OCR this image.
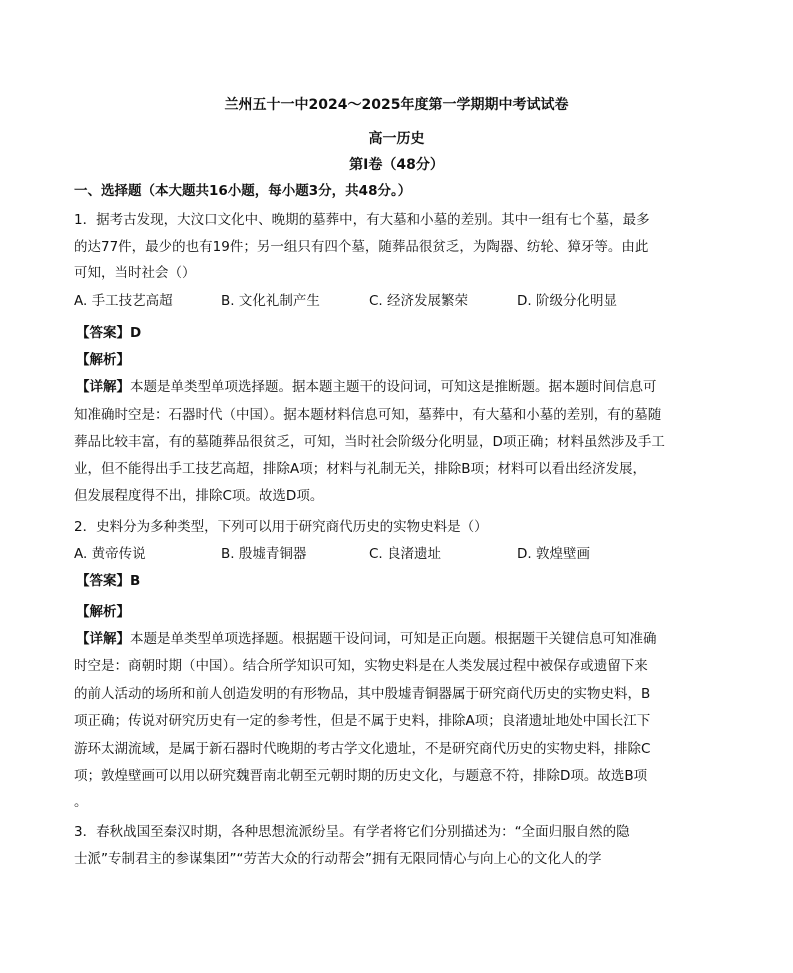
兰州五十一中2024～2025年度第一学期期中考试试卷
高一历史
第Ⅰ卷（48分）
一、选择题（本大题共16小题，每小题3分，共48分。）
1．据考古发现，大汶口文化中、晚期的墓葬中，有大墓和小墓的差别。其中一组有七个墓，最多
的达77件，最少的也有19件；另一组只有四个墓，随葬品很贫乏，为陶器、纺轮、獐牙等。由此
可知，当时社会（）
A. 手工技艺高超	B. 文化礼制产生	C. 经济发展繁荣	D. 阶级分化明显
【答案】D
【解析】
【详解】本题是单类型单项选择题。据本题主题干的设问词，可知这是推断题。据本题时间信息可
知准确时空是：石器时代（中国）。据本题材料信息可知，墓葬中，有大墓和小墓的差别，有的墓随
葬品比较丰富，有的墓随葬品很贫乏，可知，当时社会阶级分化明显，D项正确；材料虽然涉及手工
业，但不能得出手工技艺高超，排除A项；材料与礼制无关，排除B项；材料可以看出经济发展，
但发展程度得不出，排除C项。故选D项。
2．史料分为多种类型，下列可以用于研究商代历史的实物史料是（）
A. 黄帝传说	B. 殷墟青铜器	C. 良渚遗址	D. 敦煌壁画
【答案】B
【解析】
【详解】本题是单类型单项选择题。根据题干设问词，可知是正向题。根据题干关键信息可知准确
时空是：商朝时期（中国）。结合所学知识可知，实物史料是在人类发展过程中被保存或遗留下来
的前人活动的场所和前人创造发明的有形物品，其中殷墟青铜器属于研究商代历史的实物史料，B
项正确；传说对研究历史有一定的参考性，但是不属于史料，排除A项；良渚遗址地处中国长江下
游环太湖流域，是属于新石器时代晚期的考古学文化遗址，不是研究商代历史的实物史料，排除C
项；敦煌壁画可以用以研究魏晋南北朝至元朝时期的历史文化，与题意不符，排除D项。故选B项
。
3．春秋战国至秦汉时期，各种思想流派纷呈。有学者将它们分别描述为：“全面归服自然的隐
士派”专制君主的参谋集团”“劳苦大众的行动帮会”拥有无限同情心与向上心的文化人的学
